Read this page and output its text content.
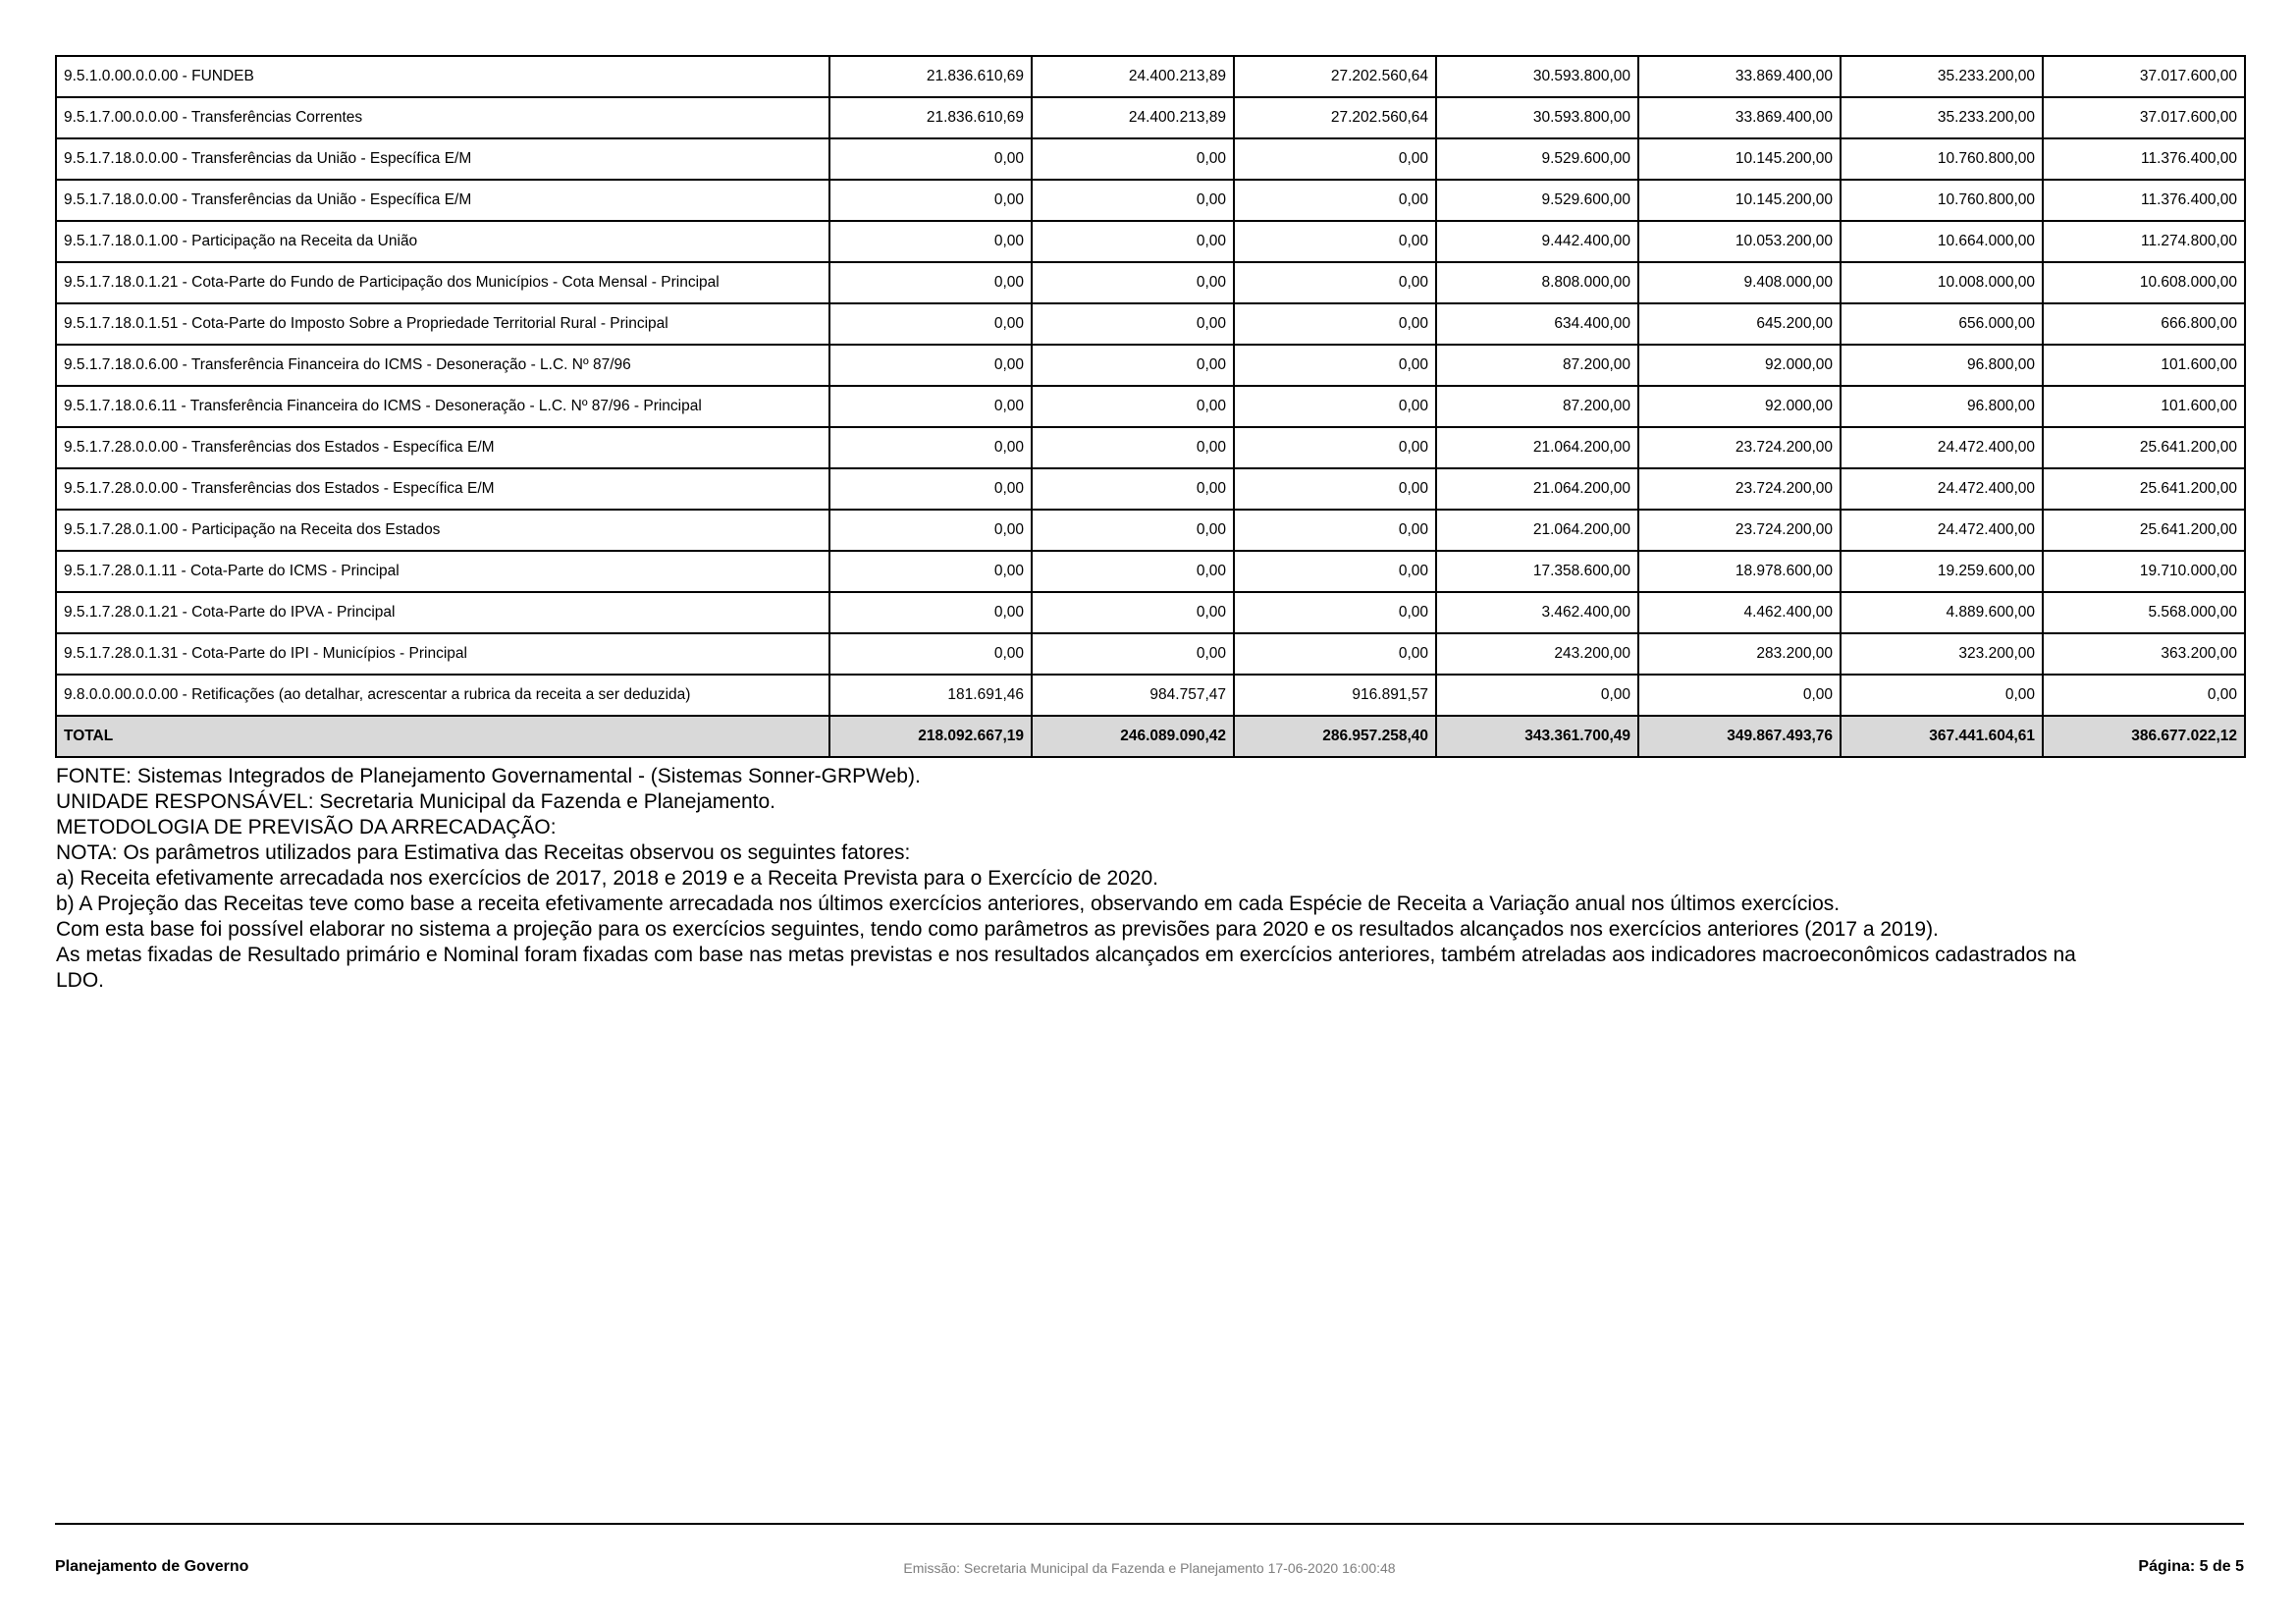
9.5.1.0.00.0.0.00 - FUNDEB	21.836.610,69	24.400.213,89	27.202.560,64	30.593.800,00	33.869.400,00	35.233.200,00	37.017.600,00
9.5.1.7.00.0.0.00 - Transferências Correntes	21.836.610,69	24.400.213,89	27.202.560,64	30.593.800,00	33.869.400,00	35.233.200,00	37.017.600,00
9.5.1.7.18.0.0.00 - Transferências da União - Específica E/M	0,00	0,00	0,00	9.529.600,00	10.145.200,00	10.760.800,00	11.376.400,00
9.5.1.7.18.0.0.00 - Transferências da União - Específica E/M	0,00	0,00	0,00	9.529.600,00	10.145.200,00	10.760.800,00	11.376.400,00
9.5.1.7.18.0.1.00 - Participação na Receita da União	0,00	0,00	0,00	9.442.400,00	10.053.200,00	10.664.000,00	11.274.800,00
9.5.1.7.18.0.1.21 - Cota-Parte do Fundo de Participação dos Municípios - Cota Mensal - Principal	0,00	0,00	0,00	8.808.000,00	9.408.000,00	10.008.000,00	10.608.000,00
9.5.1.7.18.0.1.51 - Cota-Parte do Imposto Sobre a Propriedade Territorial Rural - Principal	0,00	0,00	0,00	634.400,00	645.200,00	656.000,00	666.800,00
9.5.1.7.18.0.6.00 - Transferência Financeira do ICMS - Desoneração - L.C. Nº 87/96	0,00	0,00	0,00	87.200,00	92.000,00	96.800,00	101.600,00
9.5.1.7.18.0.6.11 - Transferência Financeira do ICMS - Desoneração - L.C. Nº 87/96 - Principal	0,00	0,00	0,00	87.200,00	92.000,00	96.800,00	101.600,00
9.5.1.7.28.0.0.00 - Transferências dos Estados - Específica E/M	0,00	0,00	0,00	21.064.200,00	23.724.200,00	24.472.400,00	25.641.200,00
9.5.1.7.28.0.0.00 - Transferências dos Estados - Específica E/M	0,00	0,00	0,00	21.064.200,00	23.724.200,00	24.472.400,00	25.641.200,00
9.5.1.7.28.0.1.00 - Participação na Receita dos Estados	0,00	0,00	0,00	21.064.200,00	23.724.200,00	24.472.400,00	25.641.200,00
9.5.1.7.28.0.1.11 - Cota-Parte do ICMS - Principal	0,00	0,00	0,00	17.358.600,00	18.978.600,00	19.259.600,00	19.710.000,00
9.5.1.7.28.0.1.21 - Cota-Parte do IPVA - Principal	0,00	0,00	0,00	3.462.400,00	4.462.400,00	4.889.600,00	5.568.000,00
9.5.1.7.28.0.1.31 - Cota-Parte do IPI - Municípios - Principal	0,00	0,00	0,00	243.200,00	283.200,00	323.200,00	363.200,00
9.8.0.0.00.0.0.00 - Retificações (ao detalhar, acrescentar a rubrica da receita a ser deduzida)	181.691,46	984.757,47	916.891,57	0,00	0,00	0,00	0,00
TOTAL	218.092.667,19	246.089.090,42	286.957.258,40	343.361.700,49	349.867.493,76	367.441.604,61	386.677.022,12
FONTE: Sistemas Integrados de Planejamento Governamental - (Sistemas Sonner-GRPWeb).
UNIDADE RESPONSÁVEL: Secretaria Municipal da Fazenda e Planejamento.
METODOLOGIA DE PREVISÃO DA ARRECADAÇÃO:
NOTA: Os parâmetros utilizados para Estimativa das Receitas observou os seguintes fatores:
a) Receita efetivamente arrecadada nos exercícios de 2017, 2018 e 2019 e a Receita Prevista para o Exercício de 2020.
b) A Projeção das Receitas teve como base a receita efetivamente arrecadada nos últimos exercícios anteriores, observando em cada Espécie de Receita a Variação anual nos últimos exercícios.
Com esta base foi possível elaborar no sistema a projeção para os exercícios seguintes, tendo como parâmetros as previsões para 2020 e os resultados alcançados nos exercícios anteriores (2017 a 2019).
As metas fixadas de Resultado primário e Nominal foram fixadas com base nas metas previstas e nos resultados alcançados em exercícios anteriores, também atreladas aos indicadores macroeconômicos cadastrados na
LDO.
Planejamento de Governo	Emissão: Secretaria Municipal da Fazenda e Planejamento 17-06-2020 16:00:48	Página: 5 de 5
